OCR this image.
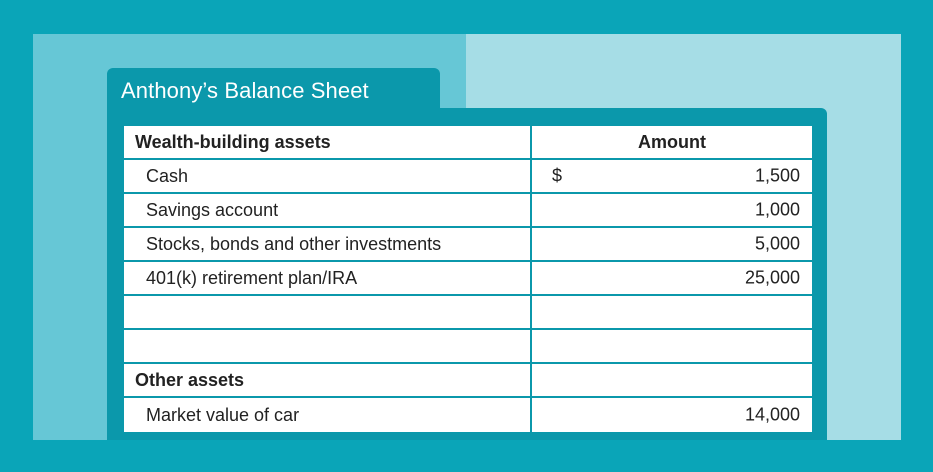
Anthony’s Balance Sheet
Wealth-building assets	Amount
Cash	$ 1,500

Savings account	1,000

Stocks, bonds and other investments	5,000

401(k) retirement plan/IRA	25,000

Other assets	
Market value of car	14,000
